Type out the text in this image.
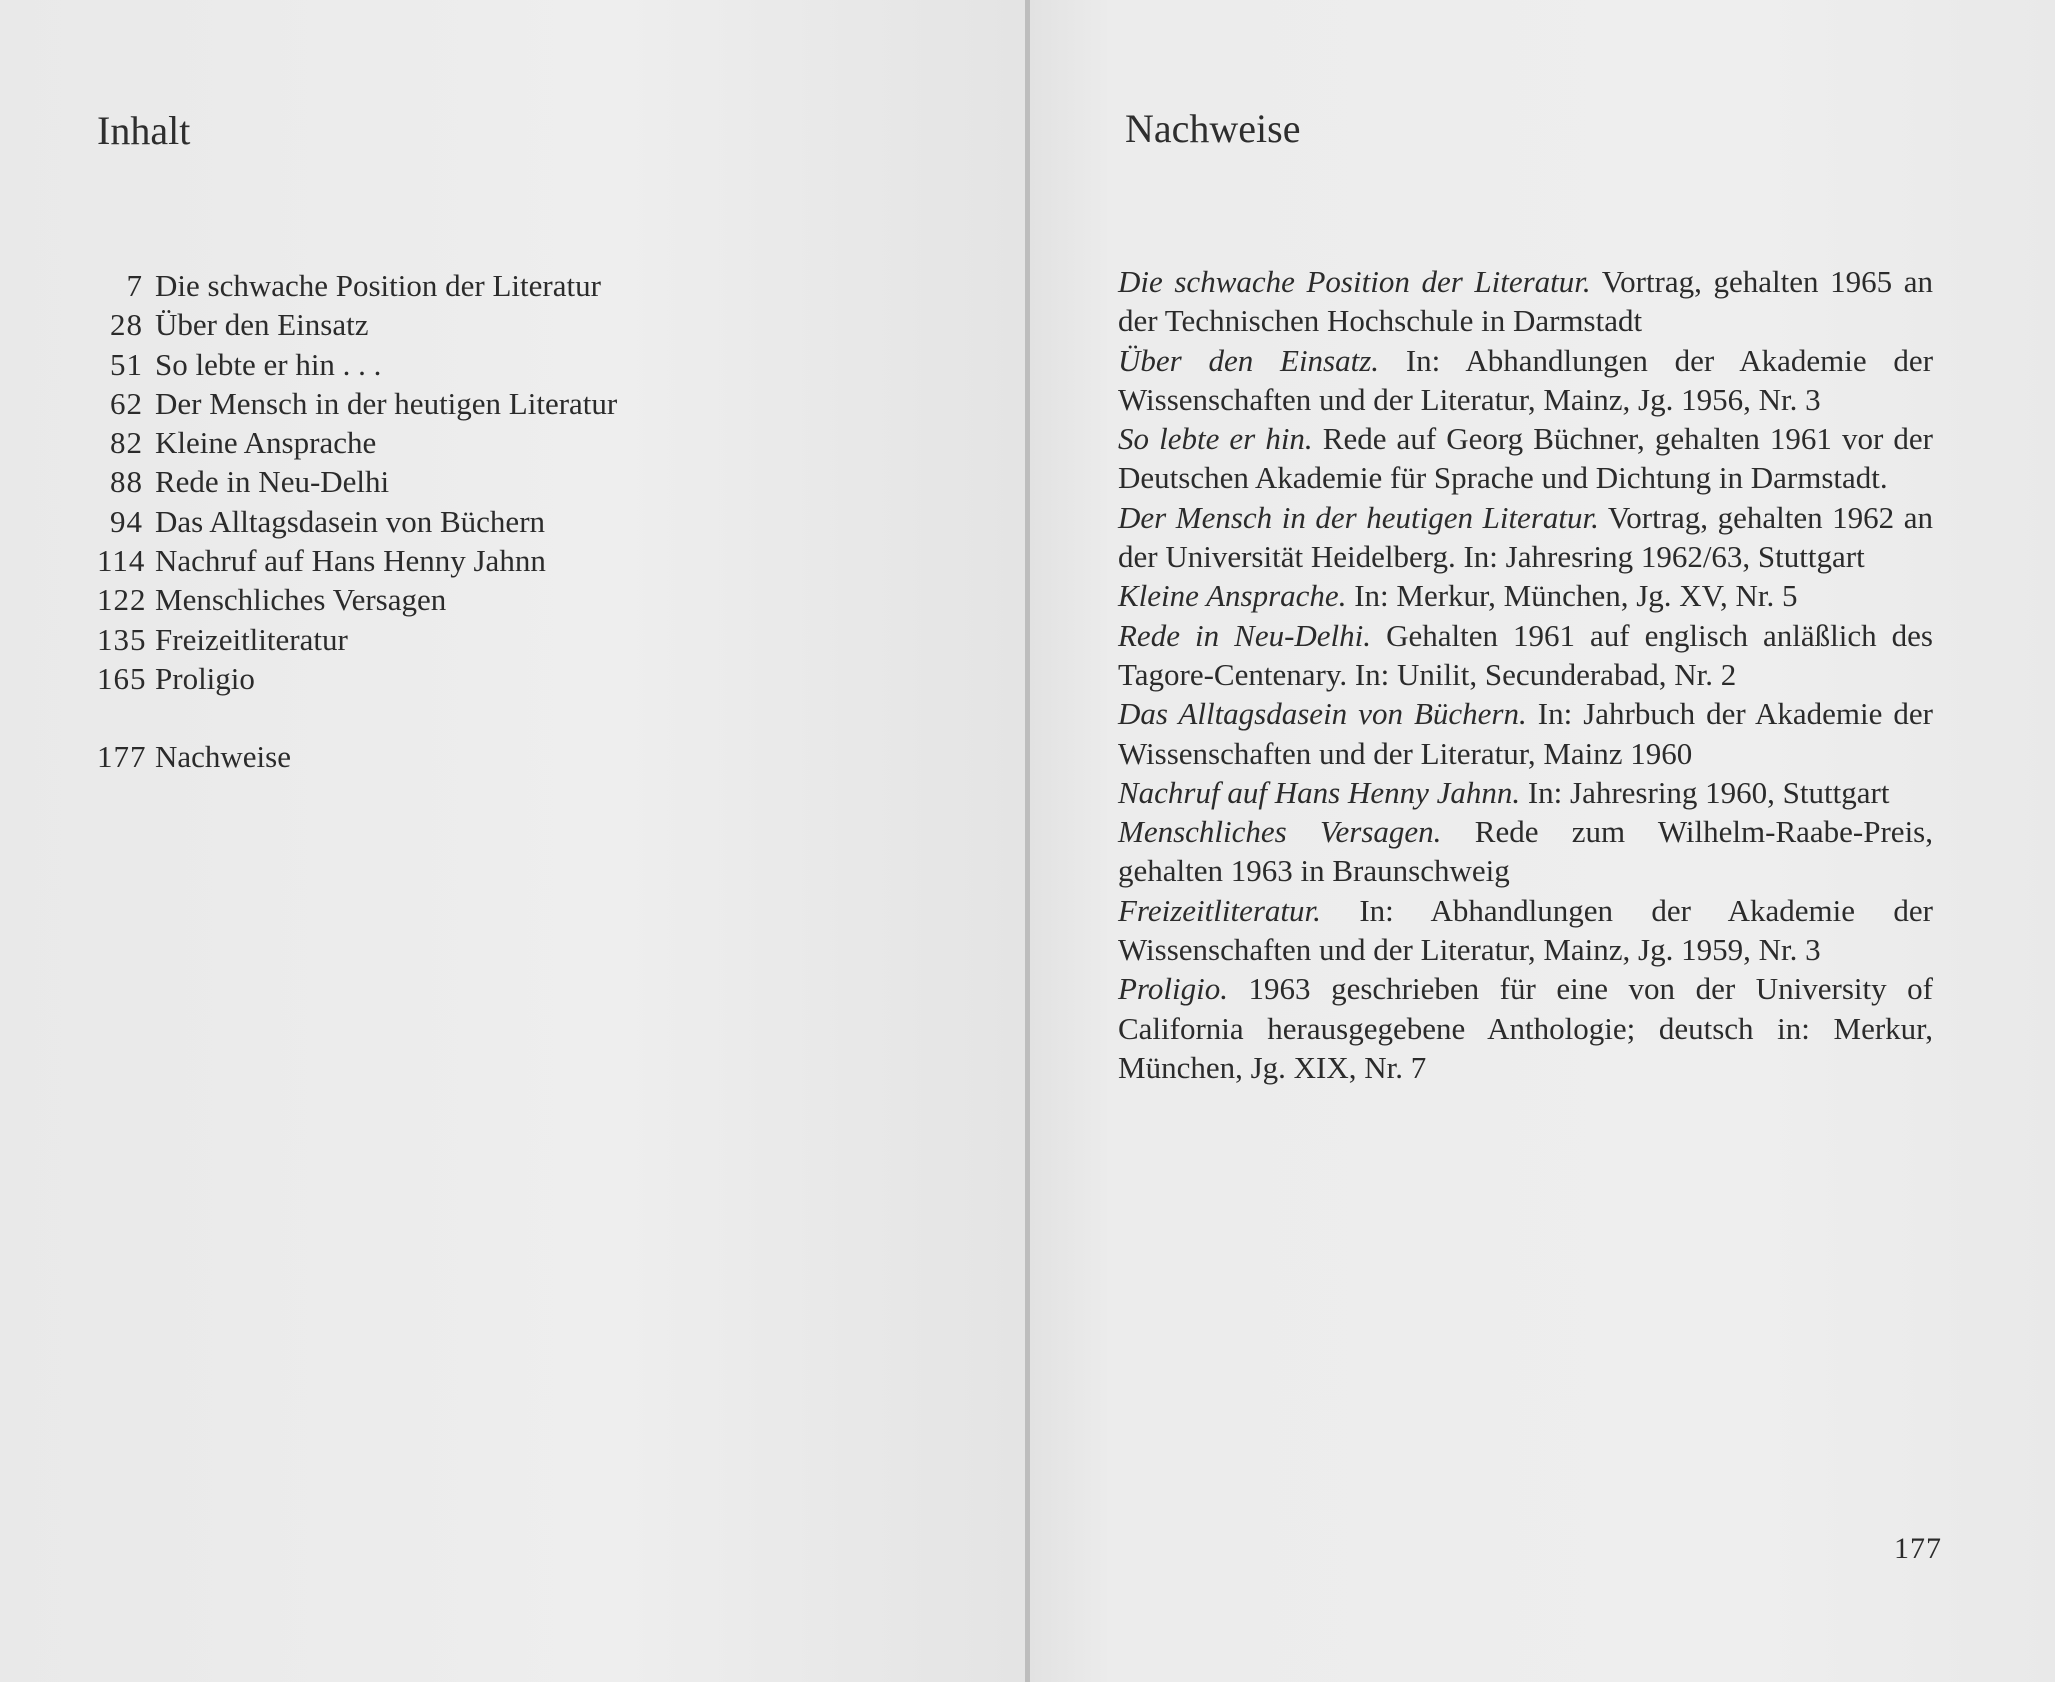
Inhalt
7 Die schwache Position der Literatur
28 Über den Einsatz
51 So lebte er hin . . .
62 Der Mensch in der heutigen Literatur
82 Kleine Ansprache
88 Rede in Neu-Delhi
94 Das Alltagsdasein von Büchern
114 Nachruf auf Hans Henny Jahnn
122 Menschliches Versagen
135 Freizeitliteratur
165 Proligio
177 Nachweise
Nachweise

Die schwache Position der Literatur. Vortrag, gehalten 1965 an der Technischen Hochschule in Darmstadt

Über den Einsatz. In: Abhandlungen der Akademie der Wissenschaften und der Literatur, Mainz, Jg. 1956, Nr. 3

So lebte er hin. Rede auf Georg Büchner, gehalten 1961 vor der Deutschen Akademie für Sprache und Dichtung in Darmstadt.

Der Mensch in der heutigen Literatur. Vortrag, gehalten 1962 an der Universität Heidelberg. In: Jahresring 1962/63, Stuttgart

Kleine Ansprache. In: Merkur, München, Jg. XV, Nr. 5

Rede in Neu-Delhi. Gehalten 1961 auf englisch anläßlich des Tagore-Centenary. In: Unilit, Secunderabad, Nr. 2

Das Alltagsdasein von Büchern. In: Jahrbuch der Akademie der Wissenschaften und der Literatur, Mainz 1960

Nachruf auf Hans Henny Jahnn. In: Jahresring 1960, Stuttgart

Menschliches Versagen. Rede zum Wilhelm-Raabe-Preis, gehalten 1963 in Braunschweig

Freizeitliteratur. In: Abhandlungen der Akademie der Wissenschaften und der Literatur, Mainz, Jg. 1959, Nr. 3

Proligio. 1963 geschrieben für eine von der University of California herausgegebene Anthologie; deutsch in: Merkur, München, Jg. XIX, Nr. 7

177
